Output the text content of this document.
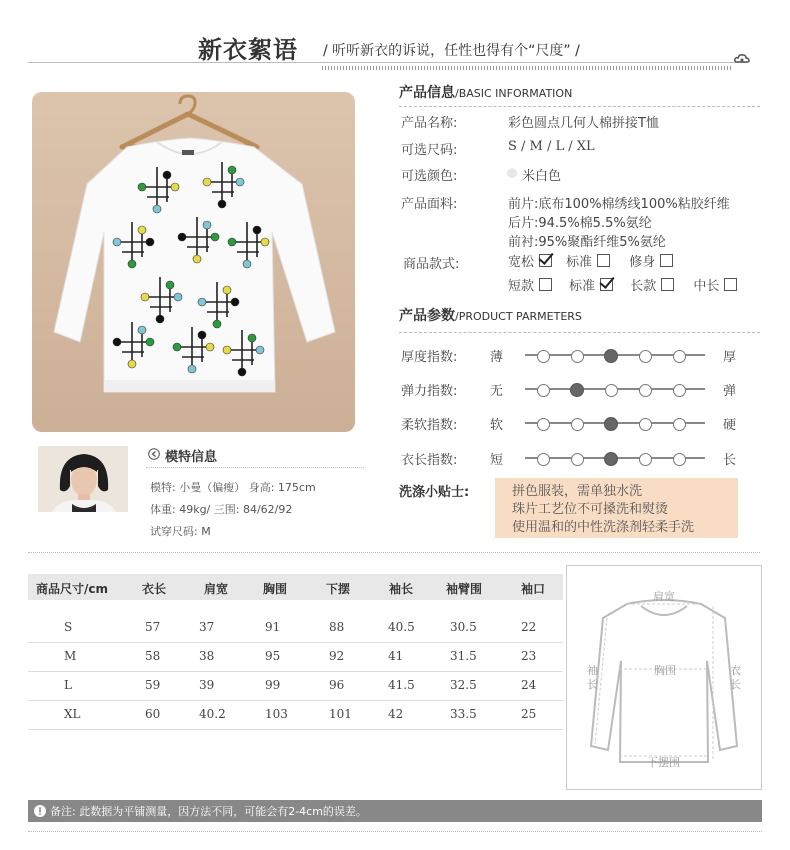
新衣絮语 / 听听新衣的诉说，任性也得有个“尺度” /
模特信息
模特: 小曼（偏瘦） 身高: 175cm
体重: 49kg/ 三围: 84/62/92
试穿尺码: M
产品信息/BASIC INFORMATION
产品名称:	彩色圆点几何人棉拼接T恤
可选尺码:	S / M / L / XL
可选颜色:	米白色
产品面料:	前片:底布100%棉绣线100%粘胶纤维
后片:94.5%棉5.5%氨纶
前衬:95%聚酯纤维5%氨纶
商品款式:	宽松 标准	修身
短款	标准	长款	中长
产品参数/PRODUCT PARMETERS
厚度指数:	薄	厚
弹力指数:	无	弹
柔软指数:	软	硬
衣长指数:	短	长
洗涤小贴士:	拼色服装，需单独水洗
珠片工艺位不可搡洗和熨烫
使用温和的中性洗涤剂轻柔手洗
商品尺寸/cm	衣长	肩宽	胸围	下摆	袖长	袖臂围	袖口
S	57	37	91	88	40.5	30.5	22
M	58	38	95	92	41	31.5	23
L	59	39	99	96	41.5	32.5	24
XL	60	40.2	103	101	42	33.5	25
肩宽
胸围
袖长
衣长
下摆围
备注: 此数据为平铺测量，因方法不同，可能会有2-4cm的误差。
